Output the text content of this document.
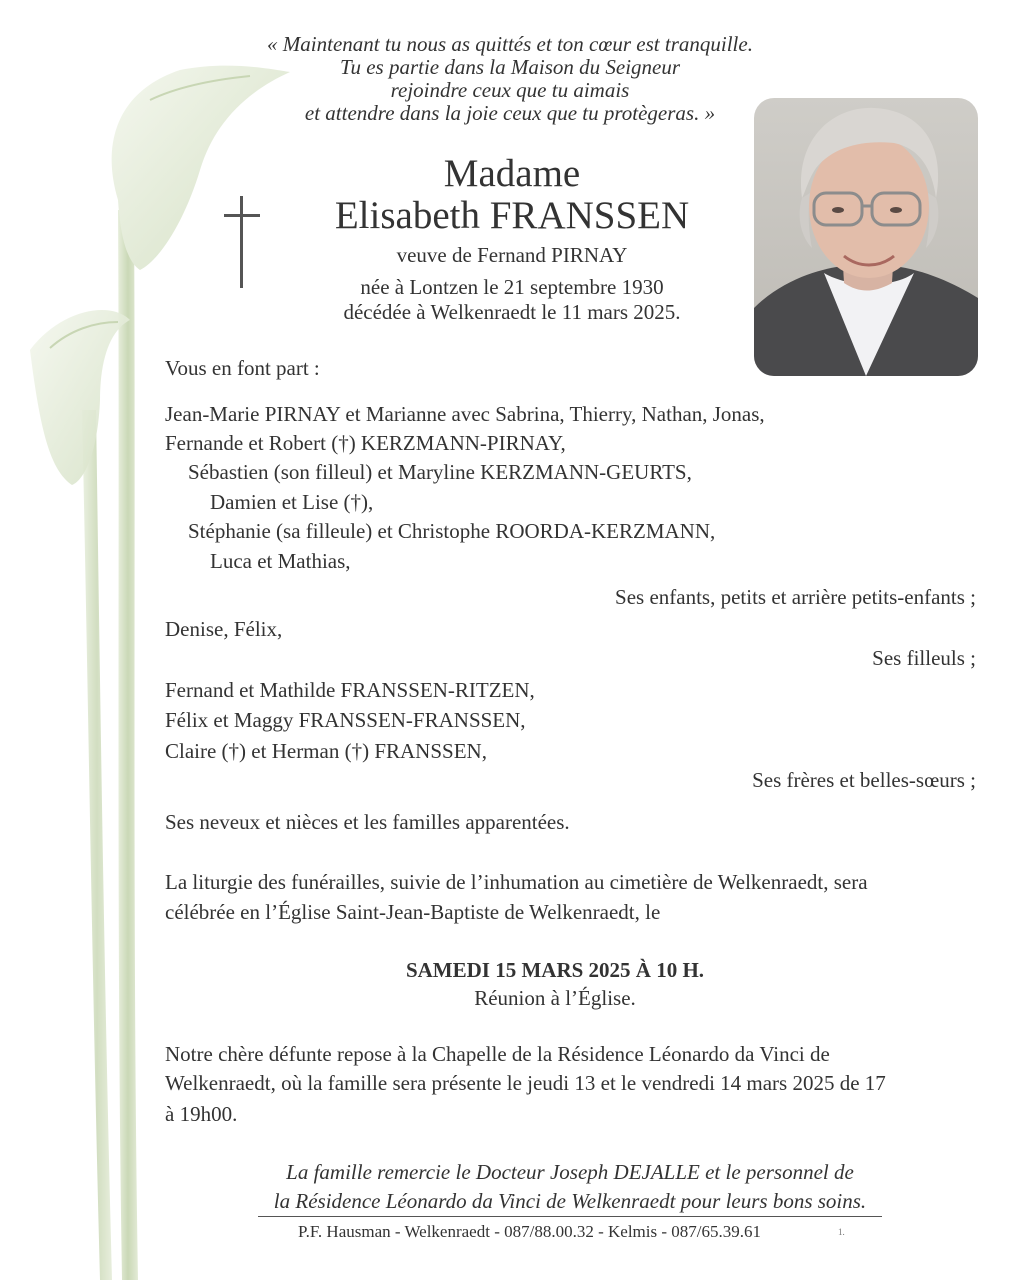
« Maintenant tu nous as quittés et ton cœur est tranquille.
Tu es partie dans la Maison du Seigneur
rejoindre ceux que tu aimais
et attendre dans la joie ceux que tu protègeras. »
Madame
Elisabeth FRANSSEN
veuve de Fernand PIRNAY
née à Lontzen le 21 septembre 1930
décédée à Welkenraedt le 11 mars 2025.
Vous en font part :
Jean-Marie PIRNAY et Marianne avec Sabrina, Thierry, Nathan, Jonas,
Fernande et Robert (†) KERZMANN-PIRNAY,
Sébastien (son filleul) et Maryline KERZMANN-GEURTS,
Damien et Lise (†),
Stéphanie (sa filleule) et Christophe ROORDA-KERZMANN,
Luca et Mathias,
Ses enfants, petits et arrière petits-enfants ;
Denise, Félix,
Ses filleuls ;
Fernand et Mathilde FRANSSEN-RITZEN,
Félix et Maggy FRANSSEN-FRANSSEN,
Claire (†) et Herman (†) FRANSSEN,
Ses frères et belles-sœurs ;
Ses neveux et nièces et les familles apparentées.
La liturgie des funérailles, suivie de l’inhumation au cimetière de Welkenraedt, sera
célébrée en l’Église Saint-Jean-Baptiste de Welkenraedt, le
SAMEDI 15 MARS 2025 À 10 H.
Réunion à l’Église.
Notre chère défunte repose à la Chapelle de la Résidence Léonardo da Vinci de
Welkenraedt, où la famille sera présente le jeudi 13 et le vendredi 14 mars 2025 de 17
à 19h00.
La famille remercie le Docteur Joseph DEJALLE et le personnel de
la Résidence Léonardo da Vinci de Welkenraedt pour leurs bons soins.
P.F. Hausman - Welkenraedt - 087/88.00.32 - Kelmis - 087/65.39.61	1.
